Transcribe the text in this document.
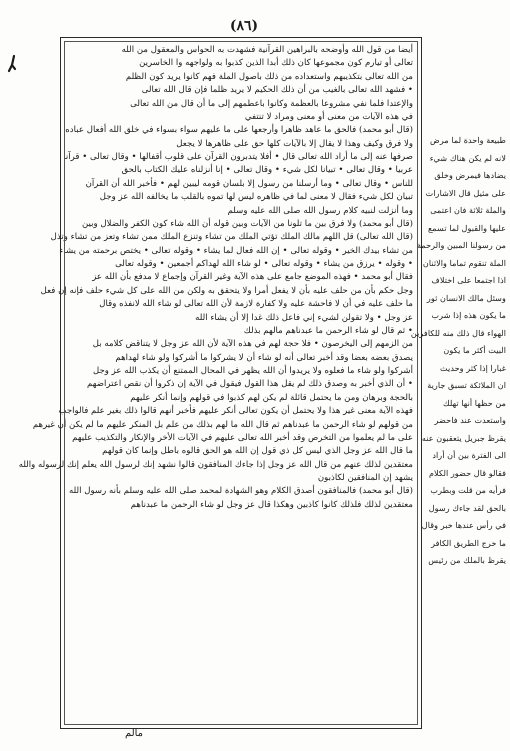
(٨٦)
أيضا من قول الله وأوضحه بالبراهين القرآنية فشهدت به الحواس والمعقول من الله
تعالى أو تيارم كون مجموعها كان ذلك أبدا الذين كذبوا به ولواجهه وا الخاسرين
من الله تعالى بتكذيبهم واستعداده من ذلك باصول الملة فهم كانوا يريد كون الظلم
• فشهد الله تعالى بالغيب من أن ذلك الحكيم لا يريد ظلما فإن قال الله تعالى
والإعتدا فلما نفي مشروعا بالعظمة وكانوا باعطمهم إلى ما أن قال من الله تعالى
في هذه الآيات من معنى أو معنى ومراد لا تنتفي
(قال أبو محمد) فالحق ما عاهد ظاهرا وأرجعها على ما عليهم سواء بسواء في خلق الله أفعال عباده
ولا فرق وكيف وهذا لا يقال إلا بالآيات كلها حق على ظاهرها لا يجعل
صرفها عنه إلى ما أراد الله تعالى قال • أفلا يتدبرون القرآن على قلوب أقفالها • وقال تعالى • قرآنا
عربيا • وقال تعالى • تبيانا لكل شيء • وقال تعالى • إنا أنزلناه عليك الكتاب بالحق
للناس • وقال تعالى • وما أرسلنا من رسول إلا بلسان قومه ليبين لهم • فأخبر الله أن القرآن
تبيان لكل شيء فقال لا معنى لما في ظاهره ليس لها تموه بالقلب ما يخالفه الله عز وجل
وما أنزلت لنبيه كلام رسول الله صلى الله عليه وسلم
(قال أبو محمد) ولا فرق بين ما تلونا من الآيات وبين قوله أن الله شاء كون الكفر والضلال وبين
(قال الله تعالى) قل اللهم مالك الملك تؤتي الملك من تشاء وتنزع الملك ممن تشاء وتعز من تشاء وتذل
من تشاء بيدك الخير • وقوله تعالى • إن الله فعال لما يشاء • وقوله تعالى • يختص برحمته من يشاء
• وقوله • يرزق من يشاء • وقوله تعالى • لو شاء الله لهداكم أجمعين • وقوله تعالى
فقال أبو محمد • فهذه الموضع جامع على هذه الآية وغير القرآن وإجماع لا مدفع بأن الله عز
وجل حكم بأن من حلف عليه بأن لا يفعل أمرا ولا يتحقق به ولكن من الله على كل شيء حلف فإنه إن فعل
ما حلف عليه في أن لا فاحشة عليه ولا كفارة لازمة لأن الله تعالى لو شاء الله لانفذه وقال
عز وجل • ولا تقولن لشيء إني فاعل ذلك غدا إلا أن يشاء الله
• ثم قال لو شاء الرحمن ما عبدناهم مالهم بذلك
من الزمهم إلى اليخرصون • فلا حجة لهم في هذه الآية لأن الله عز وجل لا يتناقض كلامه بل
يصدق بعضه بعضا وقد أخبر تعالى أنه لو شاء أن لا يشركوا ما أشركوا ولو شاء لهداهم
أشركوا ولو شاء ما فعلوه ولا يريدوا أن الله يظهر في المحال الممتنع أن يكذب الله عز وجل
• أن الذي أخبر به وصدق ذلك لم يقل هذا القول فيقول في الآية إن ذكروا أن نقص اعتراضهم
بالحجة وبرهان ومن ما يحتمل قائلة لم يكن لهم كذبوا في قولهم وإنما أنكر عليهم
فهذه الآية معنى غير هذا ولا يحتمل أن يكون تعالى أنكر عليهم فأخبر أنهم قالوا ذلك بغير علم فالواجب
من قولهم لو شاء الرحمن ما عبدناهم ثم قال الله ما لهم بذلك من علم بل المنكر عليهم ما لم يكن أن غيرهم
على ما لم يعلموا من التخرص وقد أخبر الله تعالى عليهم في الآيات الأخر والإنكار والتكذيب عليهم
ما قال الله عز وجل الذي ليس كل ذي قول إن الله هو الحق قالوه باطل وإنما كان قولهم
معتقدين لذلك عنهم من قال الله عز وجل إذا جاءك المنافقون قالوا نشهد إنك لرسول الله يعلم إنك لرسوله والله
يشهد إن المنافقين لكاذبون
(قال أبو محمد) فالمنافقون أصدق الكلام وهو الشهادة لمحمد صلى الله عليه وسلم بأنه رسول الله
معتقدين لذلك فلذلك كانوا كاذبين وهكذا قال عز وجل لو شاء الرحمن ما عبدناهم
طبيعة واحدة لما مرض
لانه لم يكن هناك شيء
يضادها فيمرض وخلق
على مثيل قال الاشارات
والملة ثلاثة فان اعتمى
عليها والقبول لما تسمع
من رسولنا المبين والرحمة
الملة تنقوم تماما والاثنان
اذا اجتمعا على اختلاف
وسئل مالك الانسان ثور
ما يكون هذه إذا شرب
الهواء قال ذلك منه للكافرين
البيت أكثر ما يكون
غبارا إذا كثر وحديث
ان الملائكة تسبق جارية
من حظها أنها تهلك
واستعدت عند فاحضر
يقرظ جبريل يتعقبون عنه
الى الفترة بين أن أراد
فقالو قال حضور الكلام
فرأيه من قلت وبطرب
بالحق لقد جاءك رسول
في رأس عندها خبر وقال
ما خرج الطريق الكافر
يقرظ بالملك من رئيس
مالم
